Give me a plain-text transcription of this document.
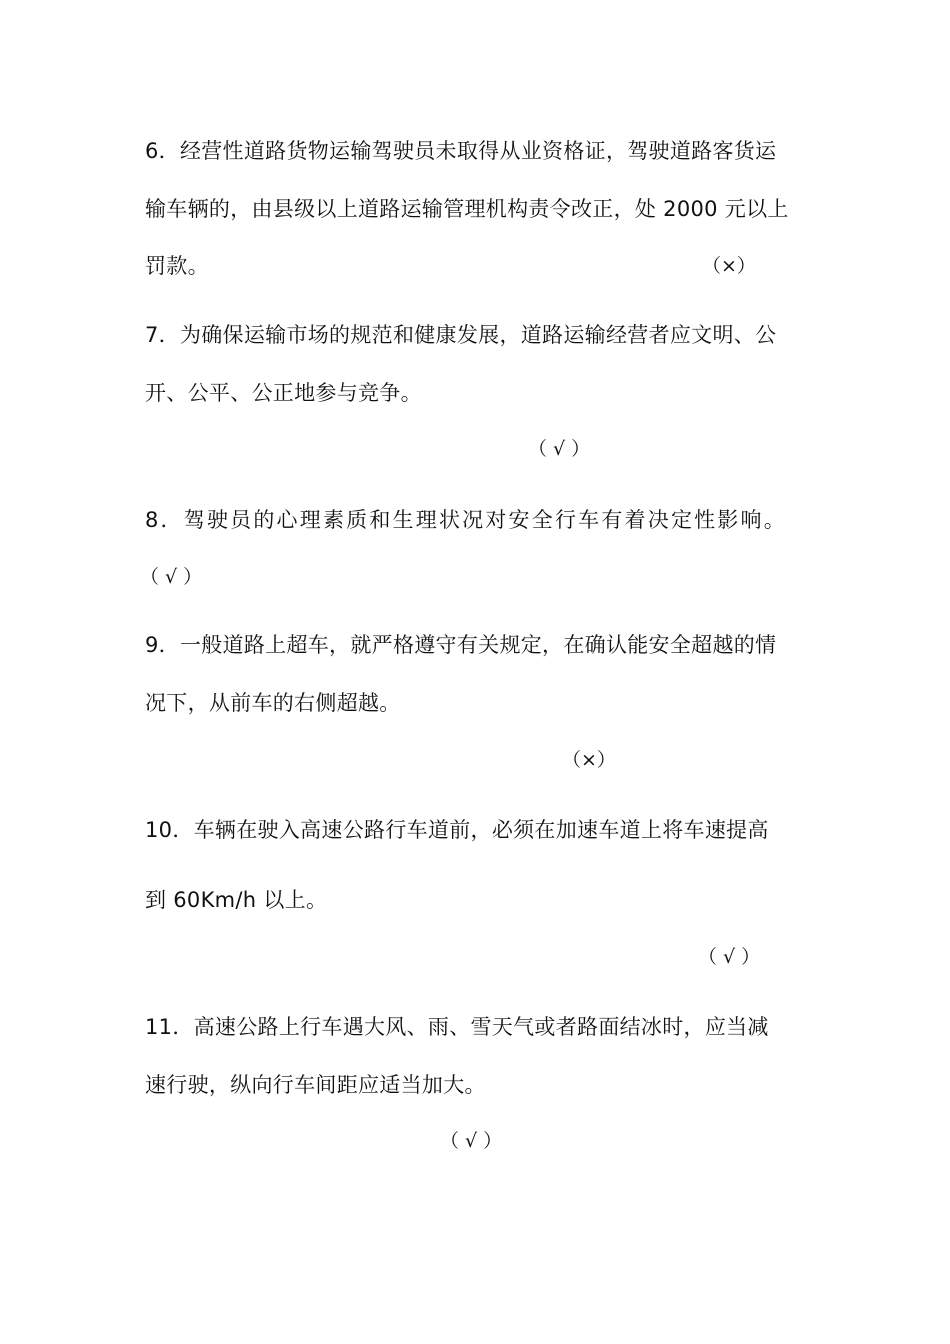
6．经营性道路货物运输驾驶员未取得从业资格证，驾驶道路客货运
输车辆的，由县级以上道路运输管理机构责令改正，处 2000 元以上
罚款。	（×）
7．为确保运输市场的规范和健康发展，道路运输经营者应文明、公
开、公平、公正地参与竞争。
（ √ ）
8．驾驶员的心理素质和生理状况对安全行车有着决定性影响。
（ √ ）
9．一般道路上超车，就严格遵守有关规定，在确认能安全超越的情
况下，从前车的右侧超越。
（×）
10．车辆在驶入高速公路行车道前，必须在加速车道上将车速提高
到 60Km/h 以上。
（ √ ）
11．高速公路上行车遇大风、雨、雪天气或者路面结冰时，应当减
速行驶，纵向行车间距应适当加大。
（ √ ）
